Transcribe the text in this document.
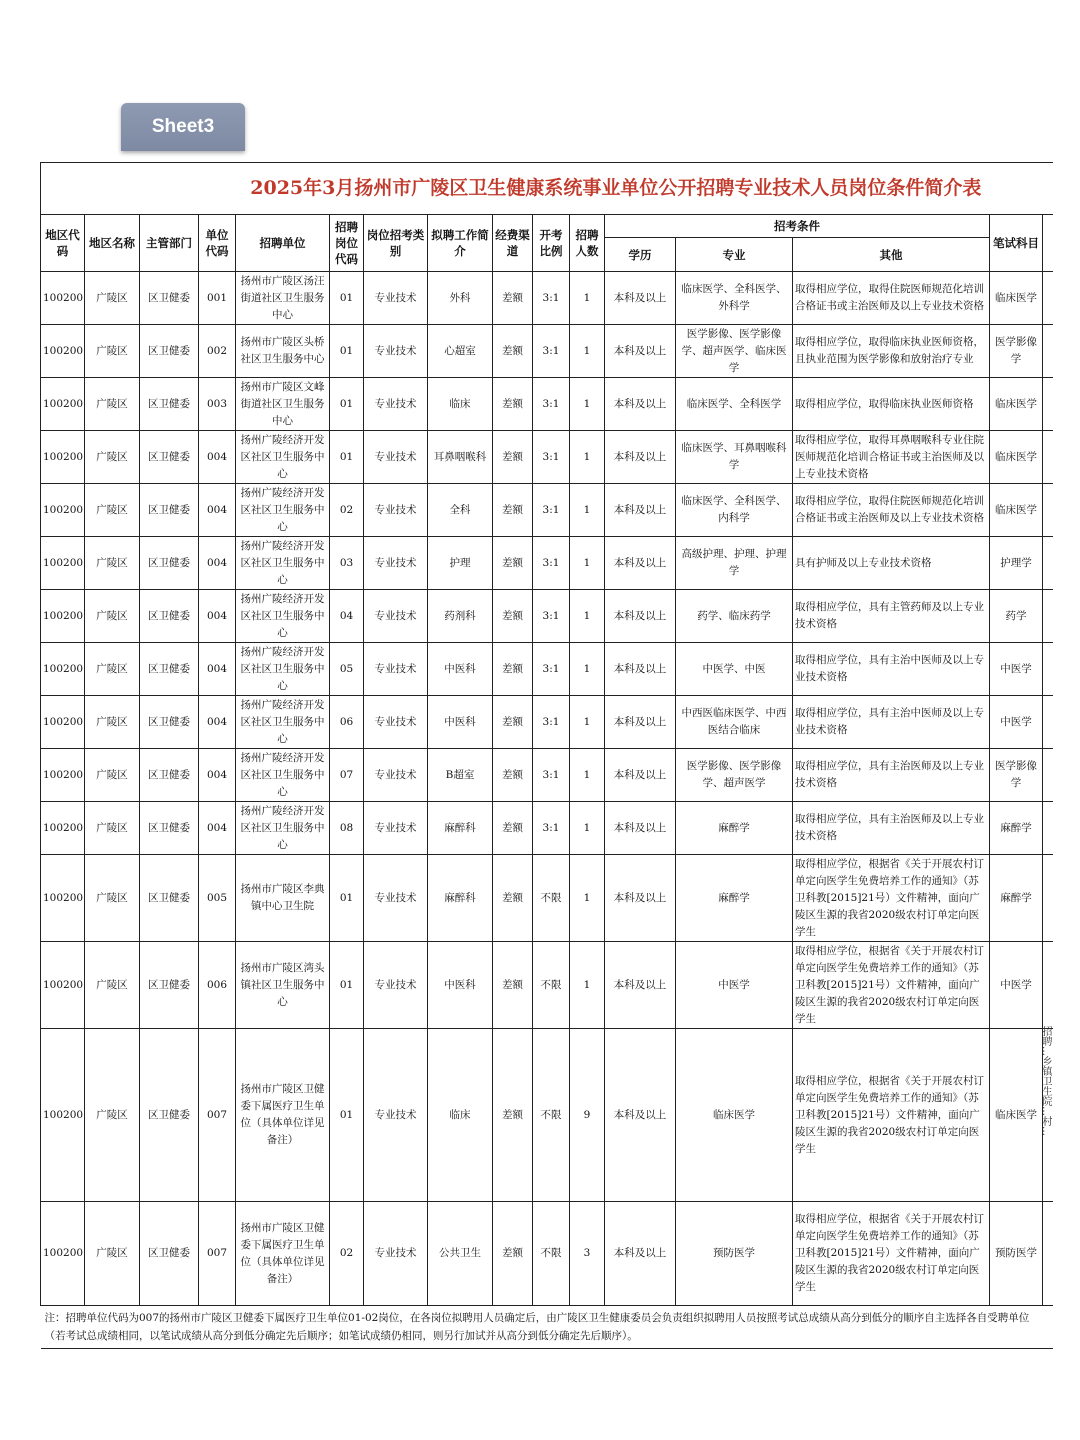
Sheet3
2025年3月扬州市广陵区卫生健康系统事业单位公开招聘专业技术人员岗位条件简介表															
地区代码	地区名称	主管部门	单位代码	招聘单位	招聘岗位代码	岗位招考类别	拟聘工作简介	经费渠道	开考比例	招聘人数	招考条件			笔试科目	
											学历	专业	其他		
100200	广陵区	区卫健委	001	扬州市广陵区汤汪街道社区卫生服务中心	01	专业技术	外科	差额	3:1	1	本科及以上	临床医学、全科医学、外科学	取得相应学位，取得住院医师规范化培训合格证书或主治医师及以上专业技术资格	临床医学	
100200	广陵区	区卫健委	002	扬州市广陵区头桥社区卫生服务中心	01	专业技术	心超室	差额	3:1	1	本科及以上	医学影像、医学影像学、超声医学、临床医学	取得相应学位，取得临床执业医师资格，且执业范围为医学影像和放射治疗专业	医学影像学	
100200	广陵区	区卫健委	003	扬州市广陵区文峰街道社区卫生服务中心	01	专业技术	临床	差额	3:1	1	本科及以上	临床医学、全科医学	取得相应学位，取得临床执业医师资格	临床医学	
100200	广陵区	区卫健委	004	扬州广陵经济开发区社区卫生服务中心	01	专业技术	耳鼻咽喉科	差额	3:1	1	本科及以上	临床医学、耳鼻咽喉科学	取得相应学位，取得耳鼻咽喉科专业住院医师规范化培训合格证书或主治医师及以上专业技术资格	临床医学	
100200	广陵区	区卫健委	004	扬州广陵经济开发区社区卫生服务中心	02	专业技术	全科	差额	3:1	1	本科及以上	临床医学、全科医学、内科学	取得相应学位，取得住院医师规范化培训合格证书或主治医师及以上专业技术资格	临床医学	
100200	广陵区	区卫健委	004	扬州广陵经济开发区社区卫生服务中心	03	专业技术	护理	差额	3:1	1	本科及以上	高级护理、护理、护理学	具有护师及以上专业技术资格	护理学	
100200	广陵区	区卫健委	004	扬州广陵经济开发区社区卫生服务中心	04	专业技术	药剂科	差额	3:1	1	本科及以上	药学、临床药学	取得相应学位，具有主管药师及以上专业技术资格	药学	
100200	广陵区	区卫健委	004	扬州广陵经济开发区社区卫生服务中心	05	专业技术	中医科	差额	3:1	1	本科及以上	中医学、中医	取得相应学位，具有主治中医师及以上专业技术资格	中医学	
100200	广陵区	区卫健委	004	扬州广陵经济开发区社区卫生服务中心	06	专业技术	中医科	差额	3:1	1	本科及以上	中西医临床医学、中西医结合临床	取得相应学位，具有主治中医师及以上专业技术资格	中医学	
100200	广陵区	区卫健委	004	扬州广陵经济开发区社区卫生服务中心	07	专业技术	B超室	差额	3:1	1	本科及以上	医学影像、医学影像学、超声医学	取得相应学位，具有主治医师及以上专业技术资格	医学影像学	
100200	广陵区	区卫健委	004	扬州广陵经济开发区社区卫生服务中心	08	专业技术	麻醉科	差额	3:1	1	本科及以上	麻醉学	取得相应学位，具有主治医师及以上专业技术资格	麻醉学	
100200	广陵区	区卫健委	005	扬州市广陵区李典镇中心卫生院	01	专业技术	麻醉科	差额	不限	1	本科及以上	麻醉学	取得相应学位，根据省《关于开展农村订单定向医学生免费培养工作的通知》（苏卫科教[2015]21号）文件精神，面向广陵区生源的我省2020级农村订单定向医学生	麻醉学	
100200	广陵区	区卫健委	006	扬州市广陵区湾头镇社区卫生服务中心	01	专业技术	中医科	差额	不限	1	本科及以上	中医学	取得相应学位，根据省《关于开展农村订单定向医学生免费培养工作的通知》（苏卫科教[2015]21号）文件精神，面向广陵区生源的我省2020级农村订单定向医学生	中医学	
100200	广陵区	区卫健委	007	扬州市广陵区卫健委下属医疗卫生单位（具体单位详见备注）	01	专业技术	临床	差额	不限	9	本科及以上	临床医学	取得相应学位，根据省《关于开展农村订单定向医学生免费培养工作的通知》（苏卫科教[2015]21号）文件精神，面向广陵区生源的我省2020级农村订单定向医学生	临床医学	
100200	广陵区	区卫健委	007	扬州市广陵区卫健委下属医疗卫生单位（具体单位详见备注）	02	专业技术	公共卫生	差额	不限	3	本科及以上	预防医学	取得相应学位，根据省《关于开展农村订单定向医学生免费培养工作的通知》（苏卫科教[2015]21号）文件精神，面向广陵区生源的我省2020级农村订单定向医学生	预防医学	
注：招聘单位代码为007的扬州市广陵区卫健委下属医疗卫生单位01-02岗位，在各岗位拟聘用人员确定后，由广陵区卫生健康委员会负责组织拟聘用人员按照考试总成绩从高分到低分的顺序自主选择各自受聘单位（若考试总成绩相同，以笔试成绩从高分到低分确定先后顺序；如笔试成绩仍相同，则另行加试并从高分到低分确定先后顺序）。															
招聘…乡镇卫生院…村…
